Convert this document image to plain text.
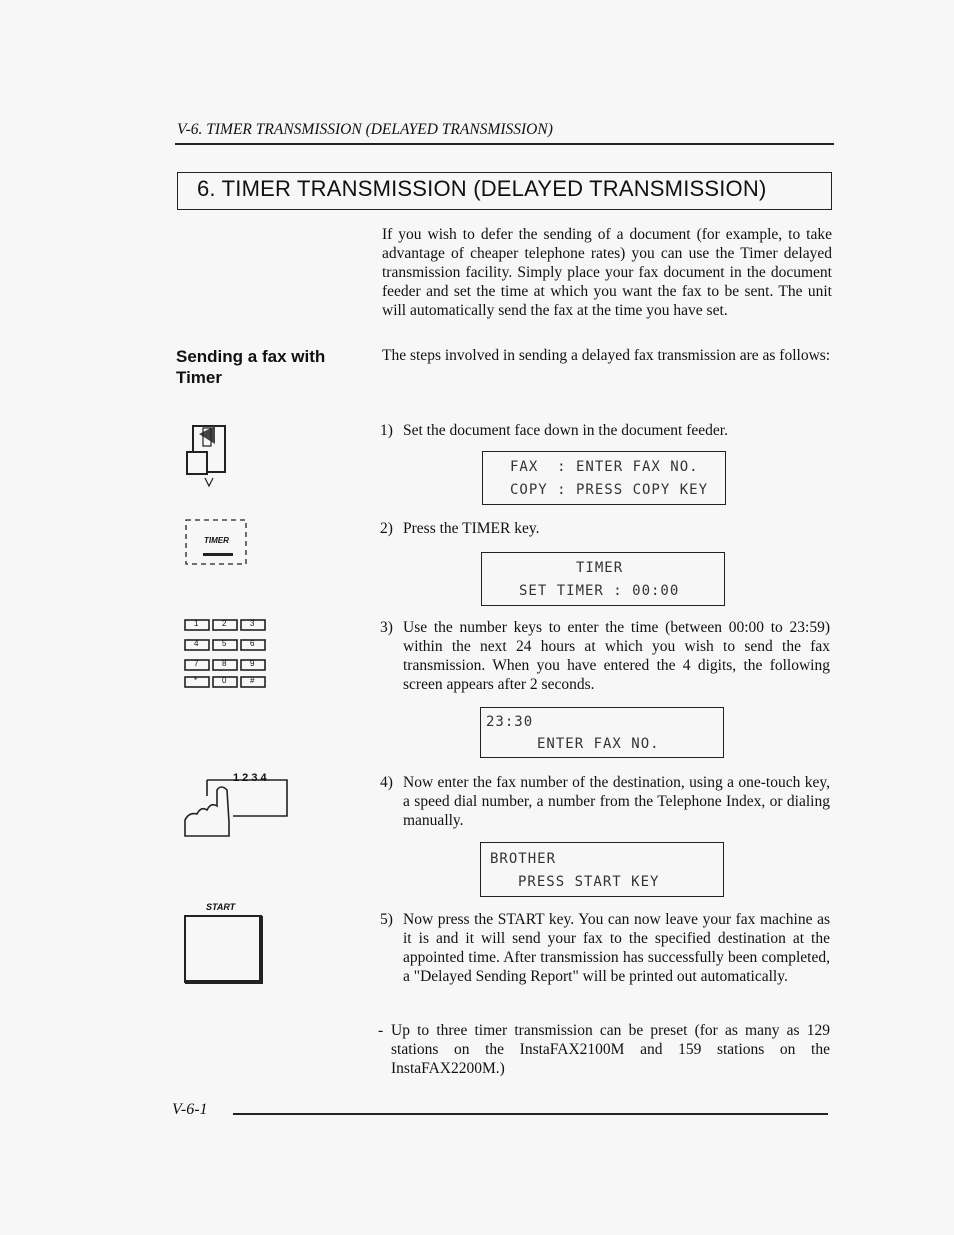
V-6. TIMER TRANSMISSION (DELAYED TRANSMISSION)
6. TIMER TRANSMISSION (DELAYED TRANSMISSION)
If you wish to defer the sending of a document (for example, to take advantage of cheaper telephone rates) you can use the Timer delayed transmission facility. Simply place your fax document in the document feeder and set the time at which you want the fax to be sent. The unit will automatically send the fax at the time you have set.
Sending a fax with Timer
The steps involved in sending a delayed fax transmission are as follows:
TIMER
1	2	3
4	5	6
7	8	9
*	0	#
1 2 3 4
START
1) Set the document face down in the document feeder.
FAX  : ENTER FAX NO.
COPY : PRESS COPY KEY
2) Press the TIMER key.
TIMER
SET TIMER : 00:00
3) Use the number keys to enter the time (between 00:00 to 23:59) within the next 24 hours at which you wish to send the fax transmission. When you have entered the 4 digits, the following screen appears after 2 seconds.
23:30
ENTER FAX NO.
4) Now enter the fax number of the destination, using a one-touch key, a speed dial number, a number from the Telephone Index, or dialing manually.
BROTHER
PRESS START KEY
5) Now press the START key. You can now leave your fax machine as it is and it will send your fax to the specified destination at the appointed time. After transmission has successfully been completed, a "Delayed Sending Report" will be printed out automatically.
- Up to three timer transmission can be preset (for as many as 129 stations on the InstaFAX2100M and 159 stations on the InstaFAX2200M.)
V-6-1
